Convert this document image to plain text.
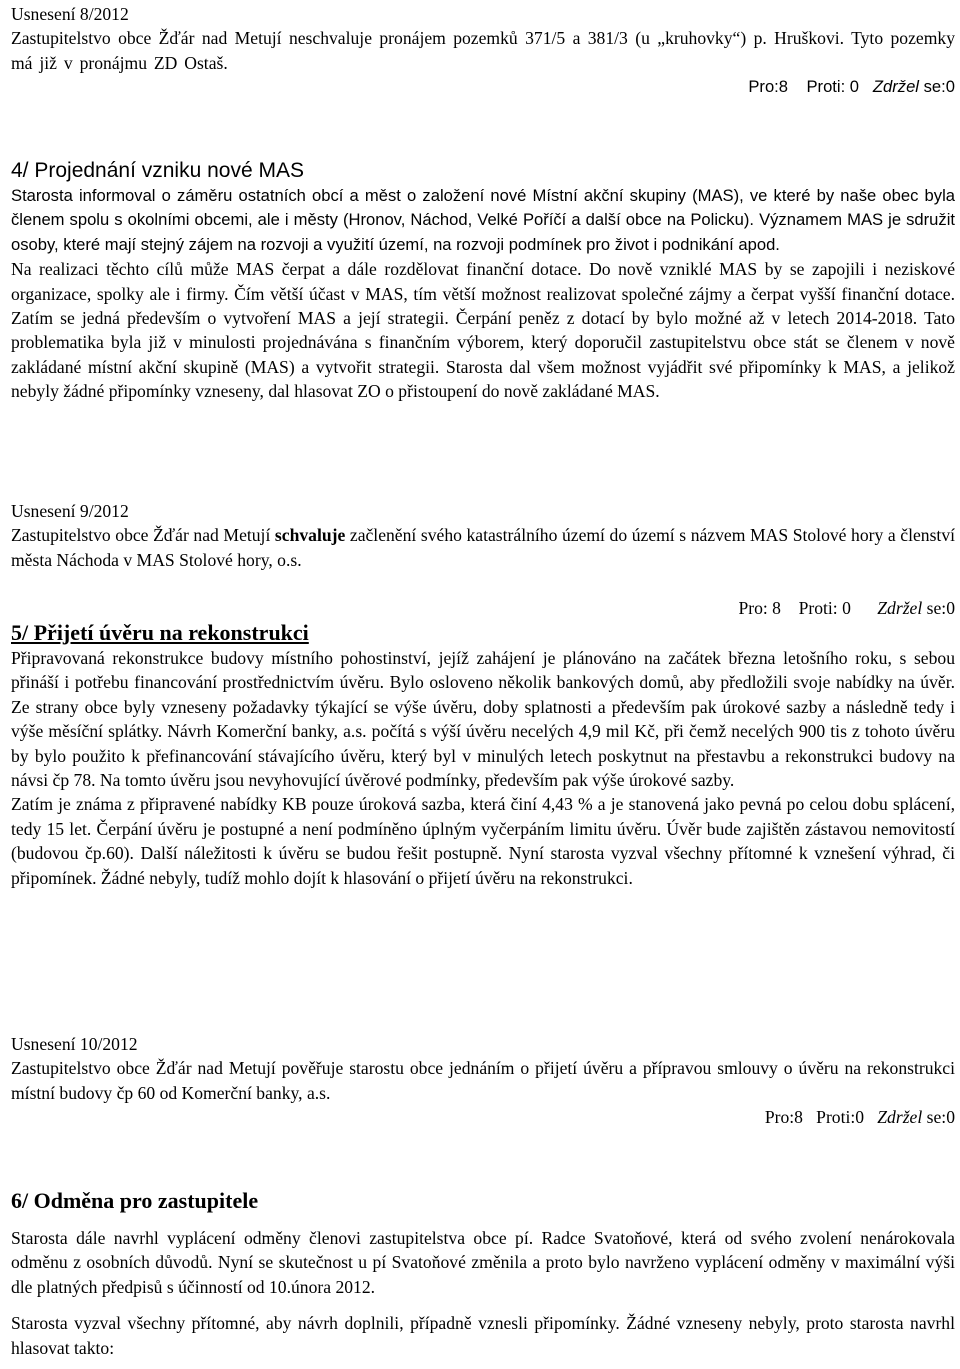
Usnesení 8/2012

Zastupitelstvo obce Žďár nad Metují neschvaluje pronájem pozemků 371/5 a 381/3 (u „kruhovky“) p. Hruškovi. Tyto pozemky má již v pronájmu ZD Ostaš.

Pro:8 Proti: 0 Zdržel se:0
4/ Projednání vzniku nové MAS
Starosta informoval o záměru ostatních obcí a měst o založení nové Místní akční skupiny (MAS), ve které by naše obec byla členem spolu s okolními obcemi, ale i městy (Hronov, Náchod, Velké Poříčí a další obce na Policku). Významem MAS je sdružit osoby, které mají stejný zájem na rozvoji a využití území, na rozvoji podmínek pro život i podnikání apod.

Na realizaci těchto cílů může MAS čerpat a dále rozdělovat finanční dotace. Do nově vzniklé MAS by se zapojili i neziskové organizace, spolky ale i firmy. Čím větší účast v MAS, tím větší možnost realizovat společné zájmy a čerpat vyšší finanční dotace. Zatím se jedná především o vytvoření MAS a její strategii. Čerpání peněz z dotací by bylo možné až v letech 2014-2018. Tato problematika byla již v minulosti projednávána s finančním výborem, který doporučil zastupitelstvu obce stát se členem v nově zakládané místní akční skupině (MAS) a vytvořit strategii. Starosta dal všem možnost vyjádřit své připomínky k MAS, a jelikož nebyly žádné připomínky vzneseny, dal hlasovat ZO o přistoupení do nově zakládané MAS.

Usnesení 9/2012

Zastupitelstvo obce Žďár nad Metují schvaluje začlenění svého katastrálního území do území s názvem MAS Stolové hory a členství města Náchoda v MAS Stolové hory, o.s.

Pro: 8 Proti: 0 Zdržel se:0
5/ Přijetí úvěru na rekonstrukci

Připravovaná rekonstrukce budovy místního pohostinství, jejíž zahájení je plánováno na začátek března letošního roku, s sebou přináší i potřebu financování prostřednictvím úvěru. Bylo osloveno několik bankových domů, aby předložili svoje nabídky na úvěr. Ze strany obce byly vzneseny požadavky týkající se výše úvěru, doby splatnosti a především pak úrokové sazby a následně tedy i výše měsíční splátky. Návrh Komerční banky, a.s. počítá s výší úvěru necelých 4,9 mil Kč, při čemž necelých 900 tis z tohoto úvěru by bylo použito k přefinancování stávajícího úvěru, který byl v minulých letech poskytnut na přestavbu a rekonstrukci budovy na návsi čp 78. Na tomto úvěru jsou nevyhovující úvěrové podmínky, především pak výše úrokové sazby.

Zatím je známa z připravené nabídky KB pouze úroková sazba, která činí 4,43 % a je stanovená jako pevná po celou dobu splácení, tedy 15 let. Čerpání úvěru je postupné a není podmíněno úplným vyčerpáním limitu úvěru. Úvěr bude zajištěn zástavou nemovitostí (budovou čp.60). Další náležitosti k úvěru se budou řešit postupně. Nyní starosta vyzval všechny přítomné k vznešení výhrad, či připomínek. Žádné nebyly, tudíž mohlo dojít k hlasování o přijetí úvěru na rekonstrukci.

Usnesení 10/2012

Zastupitelstvo obce Žďár nad Metují pověřuje starostu obce jednáním o přijetí úvěru a přípravou smlouvy o úvěru na rekonstrukci místní budovy čp 60 od Komerční banky, a.s.

Pro:8 Proti:0 Zdržel se:0
6/ Odměna pro zastupitele

Starosta dále navrhl vyplácení odměny členovi zastupitelstva obce pí. Radce Svatoňové, která od svého zvolení nenárokovala odměnu z osobních důvodů. Nyní se skutečnost u pí Svatoňové změnila a proto bylo navrženo vyplácení odměny v maximální výši dle platných předpisů s účinností od 10.února 2012.

Starosta vyzval všechny přítomné, aby návrh doplnili, případně vznesli připomínky. Žádné vzneseny nebyly, proto starosta navrhl hlasovat takto:
